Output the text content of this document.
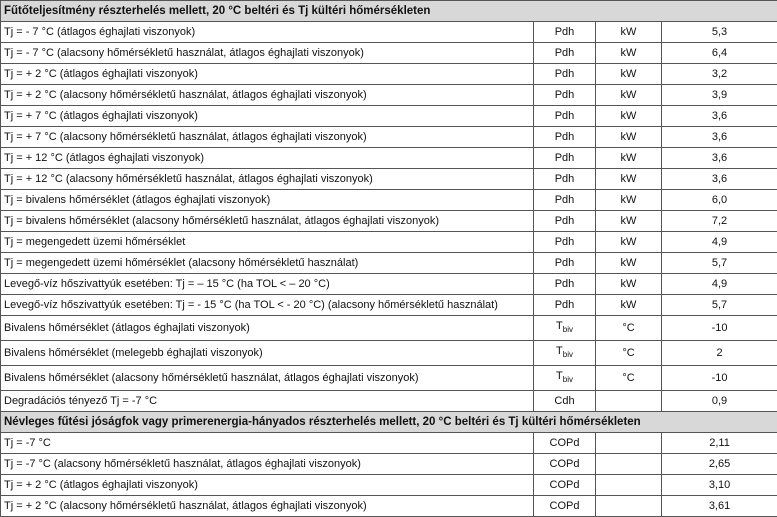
Fűtőteljesítmény részterhelés mellett, 20 °C beltéri és Tj kültéri hőmérsékleten			
Tj = - 7 °C (átlagos éghajlati viszonyok)	Pdh	kW	5,3
Tj = - 7 °C (alacsony hőmérsékletű használat, átlagos éghajlati viszonyok)	Pdh	kW	6,4
Tj = + 2 °C (átlagos éghajlati viszonyok)	Pdh	kW	3,2
Tj = + 2 °C (alacsony hőmérsékletű használat, átlagos éghajlati viszonyok)	Pdh	kW	3,9
Tj = + 7 °C (átlagos éghajlati viszonyok)	Pdh	kW	3,6
Tj = + 7 °C (alacsony hőmérsékletű használat, átlagos éghajlati viszonyok)	Pdh	kW	3,6
Tj = + 12 °C (átlagos éghajlati viszonyok)	Pdh	kW	3,6
Tj = + 12 °C (alacsony hőmérsékletű használat, átlagos éghajlati viszonyok)	Pdh	kW	3,6
Tj = bivalens hőmérséklet (átlagos éghajlati viszonyok)	Pdh	kW	6,0
Tj = bivalens hőmérséklet (alacsony hőmérsékletű használat, átlagos éghajlati viszonyok)	Pdh	kW	7,2
Tj = megengedett üzemi hőmérséklet	Pdh	kW	4,9
Tj = megengedett üzemi hőmérséklet (alacsony hőmérsékletű használat)	Pdh	kW	5,7
Levegő-víz hőszivattyúk esetében: Tj = – 15 °C (ha TOL < – 20 °C)	Pdh	kW	4,9
Levegő-víz hőszivattyúk esetében: Tj = - 15 °C (ha TOL < - 20 °C) (alacsony hőmérsékletű használat)	Pdh	kW	5,7
Bivalens hőmérséklet (átlagos éghajlati viszonyok)	$T_{biv}$	°C	-10
Bivalens hőmérséklet (melegebb éghajlati viszonyok)	$T_{biv}$	°C	2
Bivalens hőmérséklet (alacsony hőmérsékletű használat, átlagos éghajlati viszonyok)	$T_{biv}$	°C	-10
Degradációs tényező Tj = -7 °C	Cdh		0,9
Névleges fűtési jóságfok vagy primerenergia-hányados részterhelés mellett, 20 °C beltéri és Tj kültéri hőmérsékleten			
Tj = -7 °C	COPd		2,11
Tj = -7 °C (alacsony hőmérsékletű használat, átlagos éghajlati viszonyok)	COPd		2,65
Tj = + 2 °C (átlagos éghajlati viszonyok)	COPd		3,10
Tj = + 2 °C (alacsony hőmérsékletű használat, átlagos éghajlati viszonyok)	COPd		3,61
